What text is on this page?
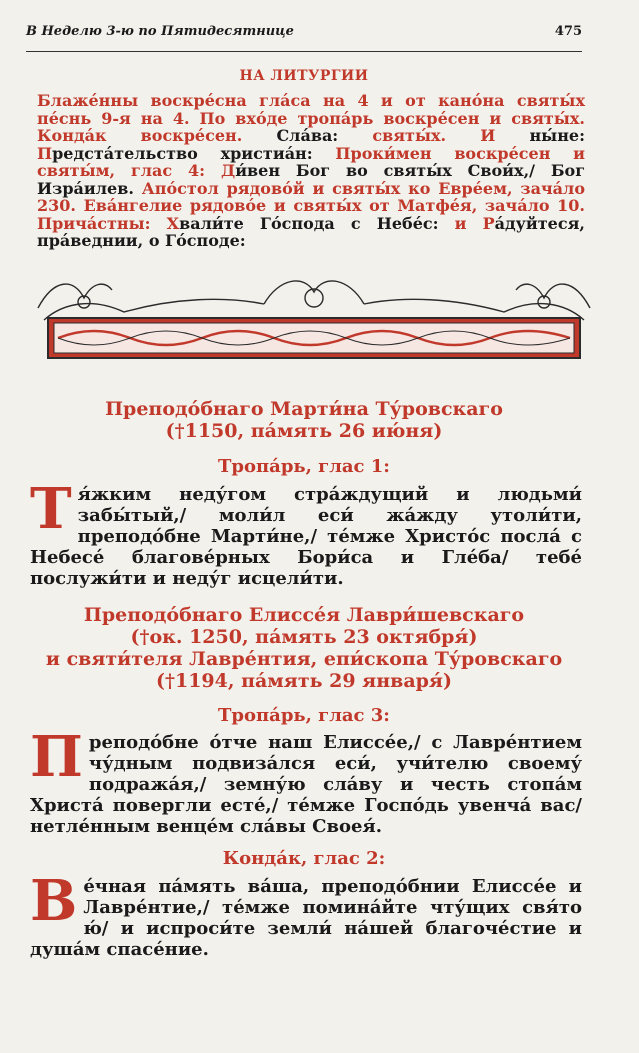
В Неделю 3-ю по Пятидесятнице	475
НА ЛИТУРГИИ
Блаже́нны воскре́сна гла́са на 4 и от кано́на святы́х пе́снь 9-я на 4. По вхо́де тропа́рь воскре́сен и святы́х. Конда́к воскре́сен. Сла́ва: святы́х. И ны́не: Предста́тельство христиа́н: Проки́мен воскре́сен и святы́м, глас 4: Ди́вен Бог во святы́х Свои́х,/ Бог Изра́илев. Апо́стол рядово́й и святы́х ко Евре́ем, зача́ло 230. Ева́нгелие рядово́е и святы́х от Матфе́я, зача́ло 10. Прича́стны: Хвали́те Го́спода с Небе́с: и Ра́дуйтеся, пра́веднии, о Го́споде:
Преподо́бнаго Марти́на Ту́ровскаго
(†1150, па́мять 26 ию́ня)
Тропа́рь, глас 1:
Т я́жким неду́гом стра́ждущий и людьми́ забы́тый,/ моли́л еси́ жа́жду утоли́ти, преподо́бне Марти́не,/ те́мже Христо́с посла́ с Небесе́ благове́рных Бори́са и Гле́ба/ тебе́ послужи́ти и неду́г исцели́ти.
Преподо́бнаго Елиссе́я Лаври́шевскаго
(†ок. 1250, па́мять 23 октября́)
и святи́теля Лавре́нтия, епи́скопа Ту́ровскаго
(†1194, па́мять 29 января́)
Тропа́рь, глас 3:
П реподо́бне о́тче наш Елиссе́е,/ с Лавре́нтием чу́дным подвиза́лся еси́, учи́телю своему́ подража́я,/ земну́ю сла́ву и честь стопа́м Христа́ повергли есте́,/ те́мже Госпо́дь увенча́ вас/ нетле́нным венце́м сла́вы Своея́.
Конда́к, глас 2:
В е́чная па́мять ва́ша, преподо́бнии Елиссе́е и Лавре́нтие,/ те́мже помина́йте чту́щих свя́то ю́/ и испроси́те земли́ на́шей благоче́стие и душа́м спасе́ние.
